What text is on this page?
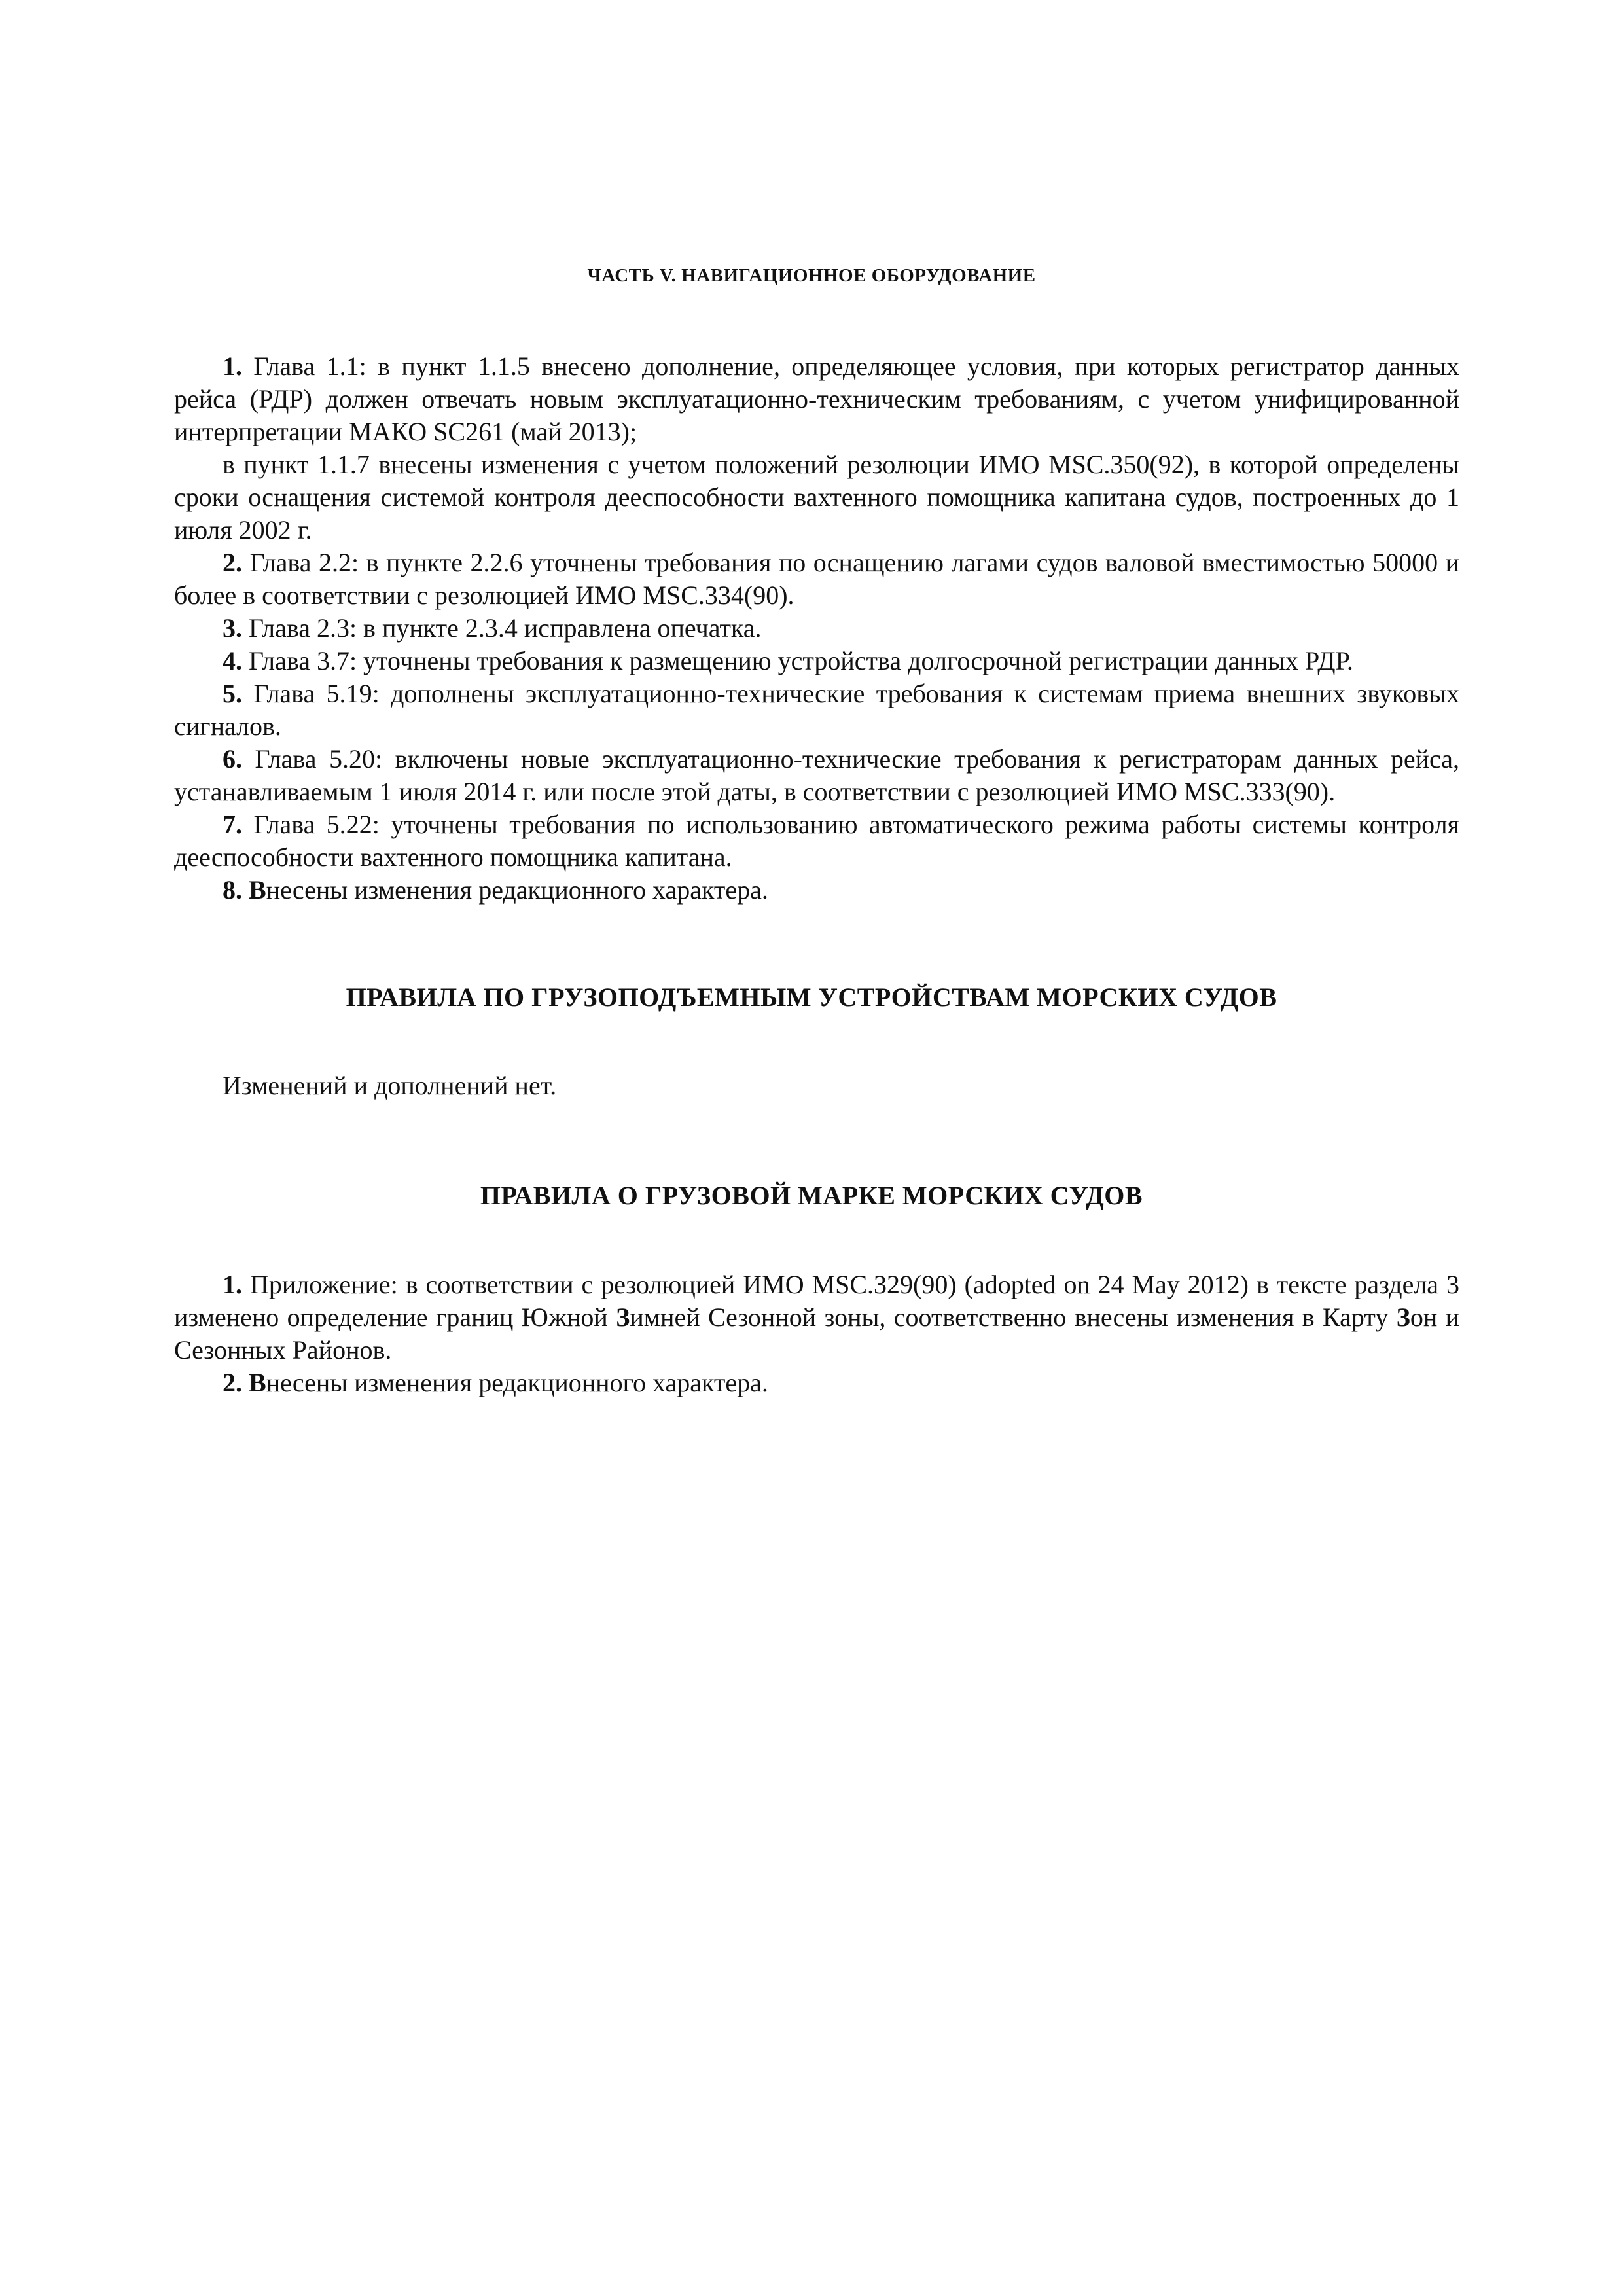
ЧАСТЬ V. НАВИГАЦИОННОЕ ОБОРУДОВАНИЕ

1. Глава 1.1: в пункт 1.1.5 внесено дополнение, определяющее условия, при которых регистратор данных рейса (РДР) должен отвечать новым эксплуатационно-техническим требованиям, с учетом унифицированной интерпретации МАКО SC261 (май 2013);

в пункт 1.1.7 внесены изменения с учетом положений резолюции ИМО MSC.350(92), в которой определены сроки оснащения системой контроля дееспособности вахтенного помощника капитана судов, построенных до 1 июля 2002 г.

2. Глава 2.2: в пункте 2.2.6 уточнены требования по оснащению лагами судов валовой вместимостью 50000 и более в соответствии с резолюцией ИМО MSC.334(90).

3. Глава 2.3: в пункте 2.3.4 исправлена опечатка.

4. Глава 3.7: уточнены требования к размещению устройства долгосрочной регистрации данных РДР.

5. Глава 5.19: дополнены эксплуатационно-технические требования к системам приема внешних звуковых сигналов.

6. Глава 5.20: включены новые эксплуатационно-технические требования к регистраторам данных рейса, устанавливаемым 1 июля 2014 г. или после этой даты, в соответствии с резолюцией ИМО MSC.333(90).

7. Глава 5.22: уточнены требования по использованию автоматического режима работы системы контроля дееспособности вахтенного помощника капитана.

8. Внесены изменения редакционного характера.

ПРАВИЛА ПО ГРУЗОПОДЪЕМНЫМ УСТРОЙСТВАМ МОРСКИХ СУДОВ

Изменений и дополнений нет.

ПРАВИЛА О ГРУЗОВОЙ МАРКЕ МОРСКИХ СУДОВ

1. Приложение: в соответствии с резолюцией ИМО MSC.329(90) (adopted on 24 May 2012) в тексте раздела 3 изменено определение границ Южной Зимней Сезонной зоны, соответственно внесены изменения в Карту Зон и Сезонных Районов.

2. Внесены изменения редакционного характера.
